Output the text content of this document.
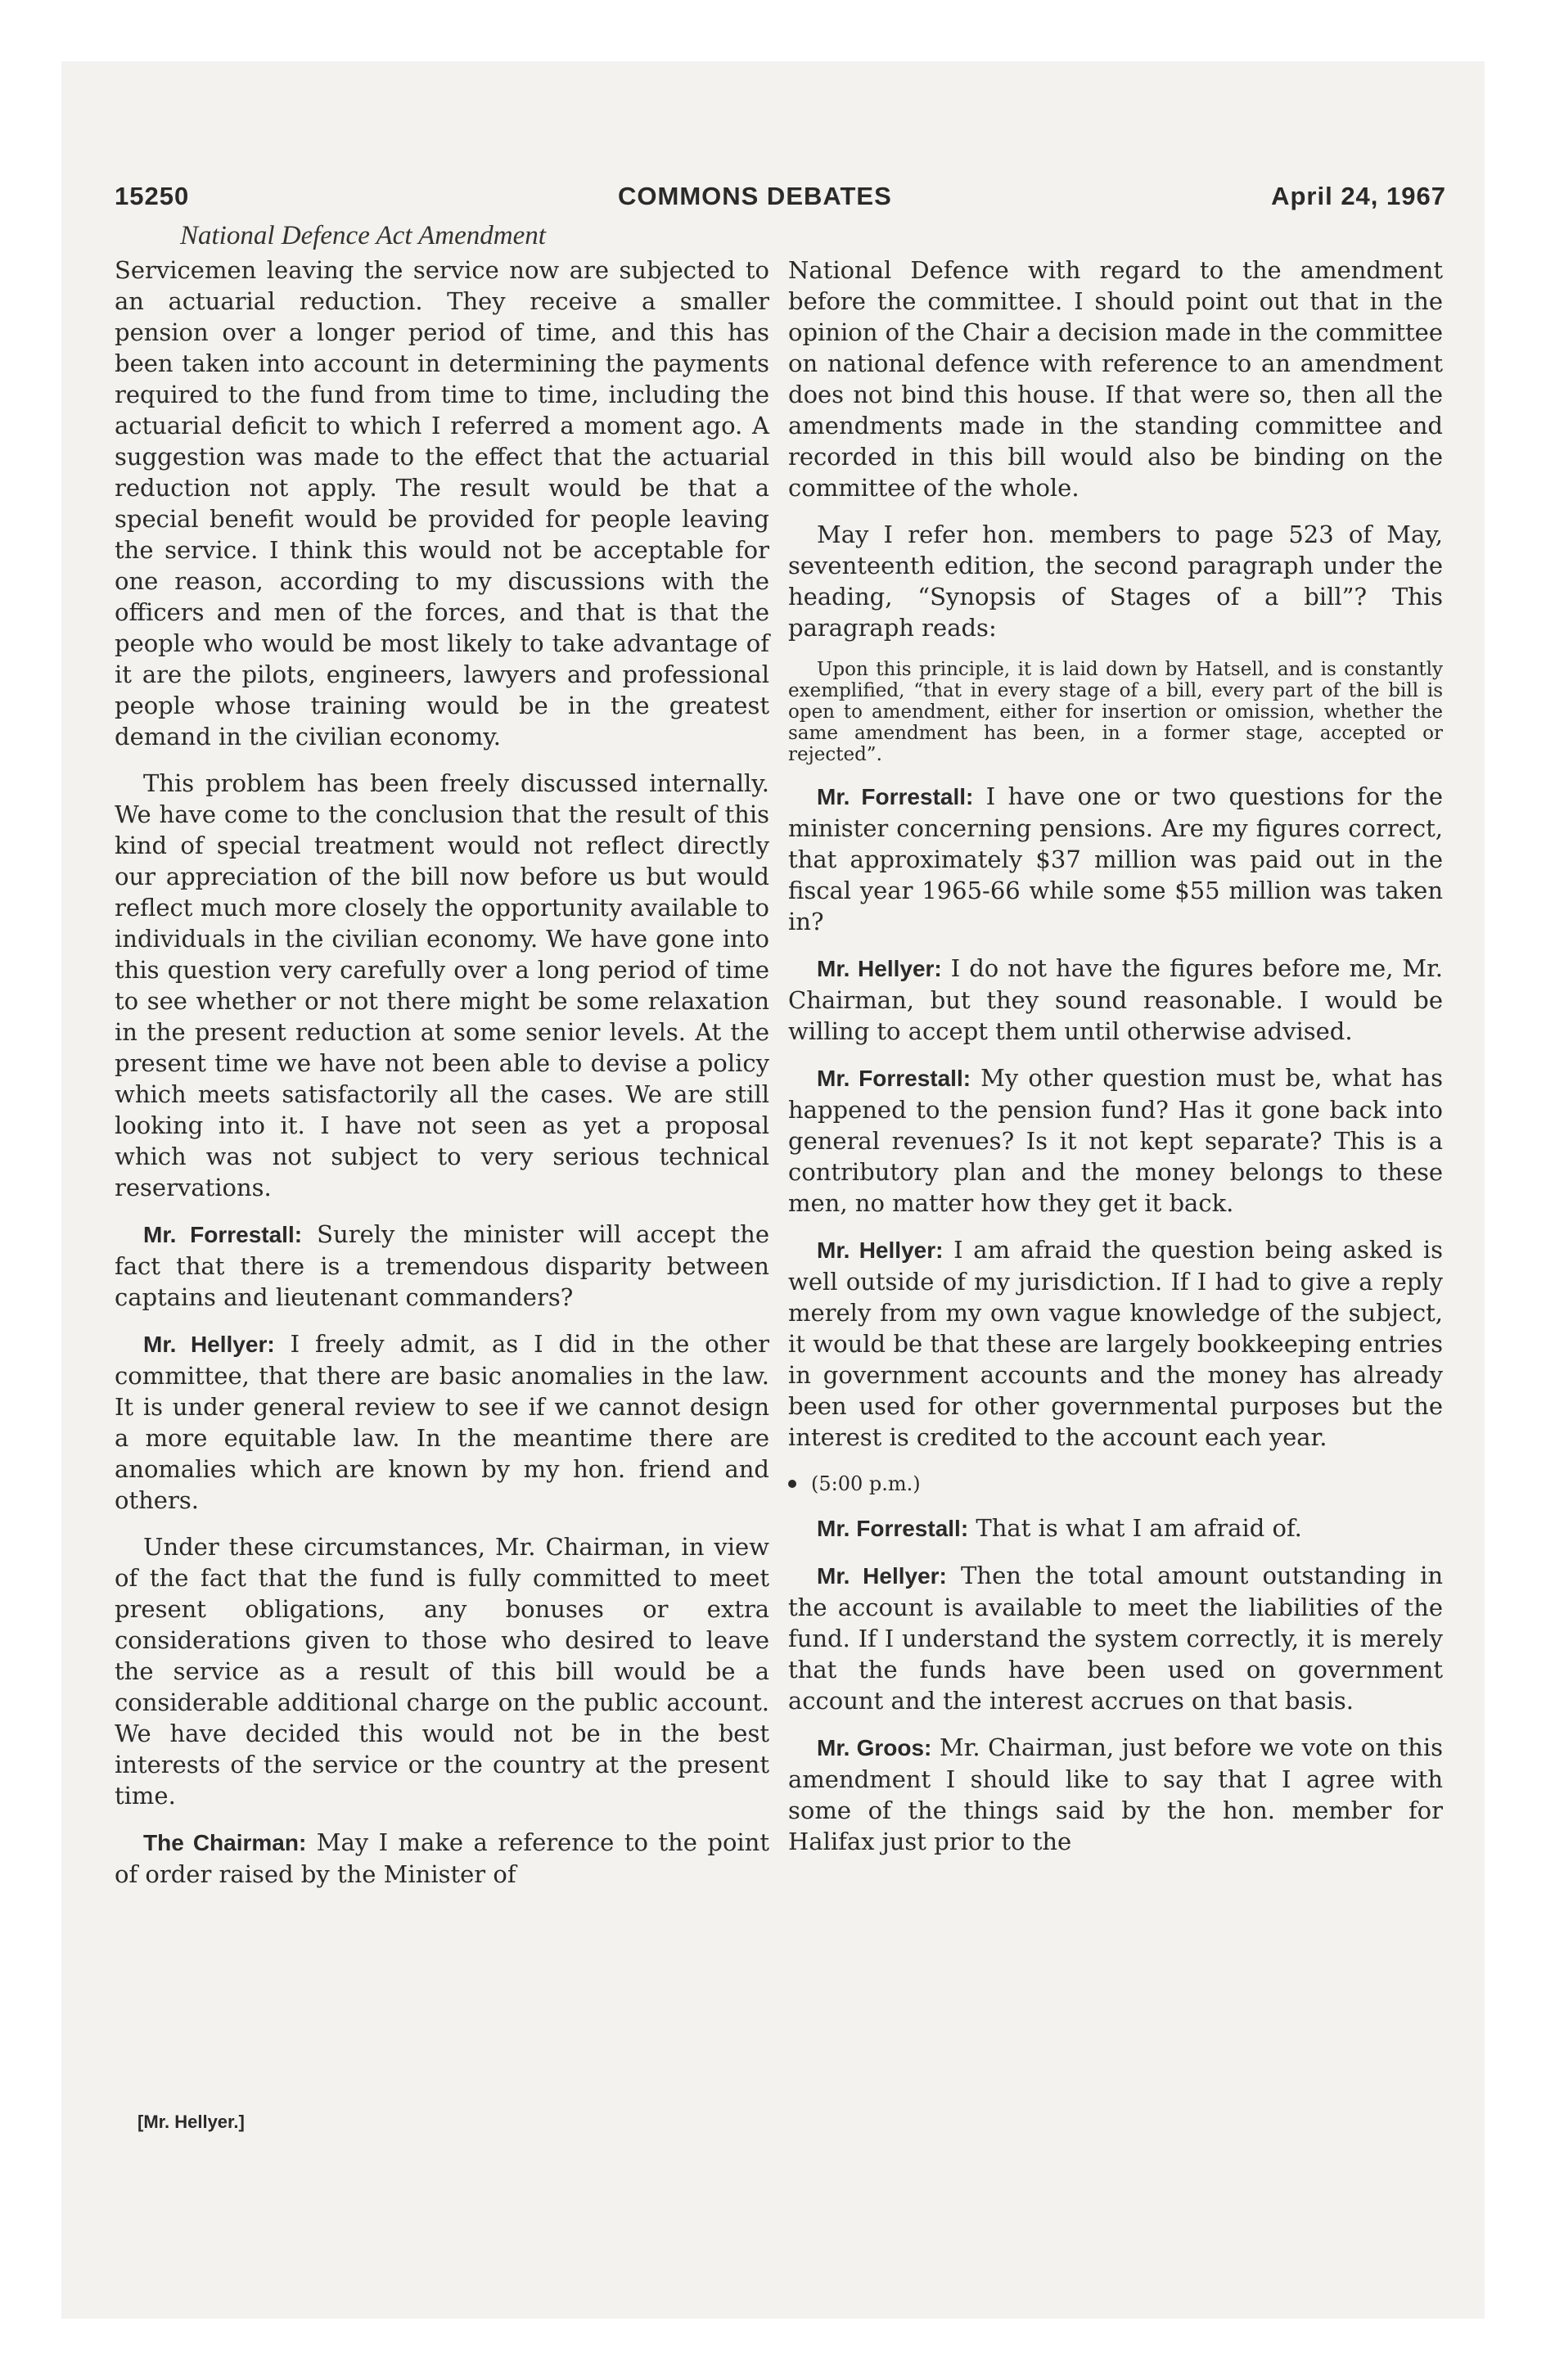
15250	COMMONS DEBATES	April 24, 1967
National Defence Act Amendment

Servicemen leaving the service now are subjected to an actuarial reduction. They receive a smaller pension over a longer period of time, and this has been taken into account in determining the payments required to the fund from time to time, including the actuarial deficit to which I referred a moment ago. A suggestion was made to the effect that the actuarial reduction not apply. The result would be that a special benefit would be provided for people leaving the service. I think this would not be acceptable for one reason, according to my discussions with the officers and men of the forces, and that is that the people who would be most likely to take advantage of it are the pilots, engineers, lawyers and professional people whose training would be in the greatest demand in the civilian economy.

This problem has been freely discussed internally. We have come to the conclusion that the result of this kind of special treatment would not reflect directly our appreciation of the bill now before us but would reflect much more closely the opportunity available to individuals in the civilian economy. We have gone into this question very carefully over a long period of time to see whether or not there might be some relaxation in the present reduction at some senior levels. At the present time we have not been able to devise a policy which meets satisfactorily all the cases. We are still looking into it. I have not seen as yet a proposal which was not subject to very serious technical reservations.

Mr. Forrestall: Surely the minister will accept the fact that there is a tremendous disparity between captains and lieutenant commanders?

Mr. Hellyer: I freely admit, as I did in the other committee, that there are basic anomalies in the law. It is under general review to see if we cannot design a more equitable law. In the meantime there are anomalies which are known by my hon. friend and others.

Under these circumstances, Mr. Chairman, in view of the fact that the fund is fully committed to meet present obligations, any bonuses or extra considerations given to those who desired to leave the service as a result of this bill would be a considerable additional charge on the public account. We have decided this would not be in the best interests of the service or the country at the present time.

The Chairman: May I make a reference to the point of order raised by the Minister of

National Defence with regard to the amendment before the committee. I should point out that in the opinion of the Chair a decision made in the committee on national defence with reference to an amendment does not bind this house. If that were so, then all the amendments made in the standing committee and recorded in this bill would also be binding on the committee of the whole.

May I refer hon. members to page 523 of May, seventeenth edition, the second paragraph under the heading, “Synopsis of Stages of a bill”? This paragraph reads:

Upon this principle, it is laid down by Hatsell, and is constantly exemplified, “that in every stage of a bill, every part of the bill is open to amendment, either for insertion or omission, whether the same amendment has been, in a former stage, accepted or rejected”.

Mr. Forrestall: I have one or two questions for the minister concerning pensions. Are my figures correct, that approximately $37 million was paid out in the fiscal year 1965-66 while some $55 million was taken in?

Mr. Hellyer: I do not have the figures before me, Mr. Chairman, but they sound reasonable. I would be willing to accept them until otherwise advised.

Mr. Forrestall: My other question must be, what has happened to the pension fund? Has it gone back into general revenues? Is it not kept separate? This is a contributory plan and the money belongs to these men, no matter how they get it back.

Mr. Hellyer: I am afraid the question being asked is well outside of my jurisdiction. If I had to give a reply merely from my own vague knowledge of the subject, it would be that these are largely bookkeeping entries in government accounts and the money has already been used for other governmental purposes but the interest is credited to the account each year.

(5:00 p.m.)

Mr. Forrestall: That is what I am afraid of.

Mr. Hellyer: Then the total amount outstanding in the account is available to meet the liabilities of the fund. If I understand the system correctly, it is merely that the funds have been used on government account and the interest accrues on that basis.

Mr. Groos: Mr. Chairman, just before we vote on this amendment I should like to say that I agree with some of the things said by the hon. member for Halifax just prior to the

[Mr. Hellyer.]
